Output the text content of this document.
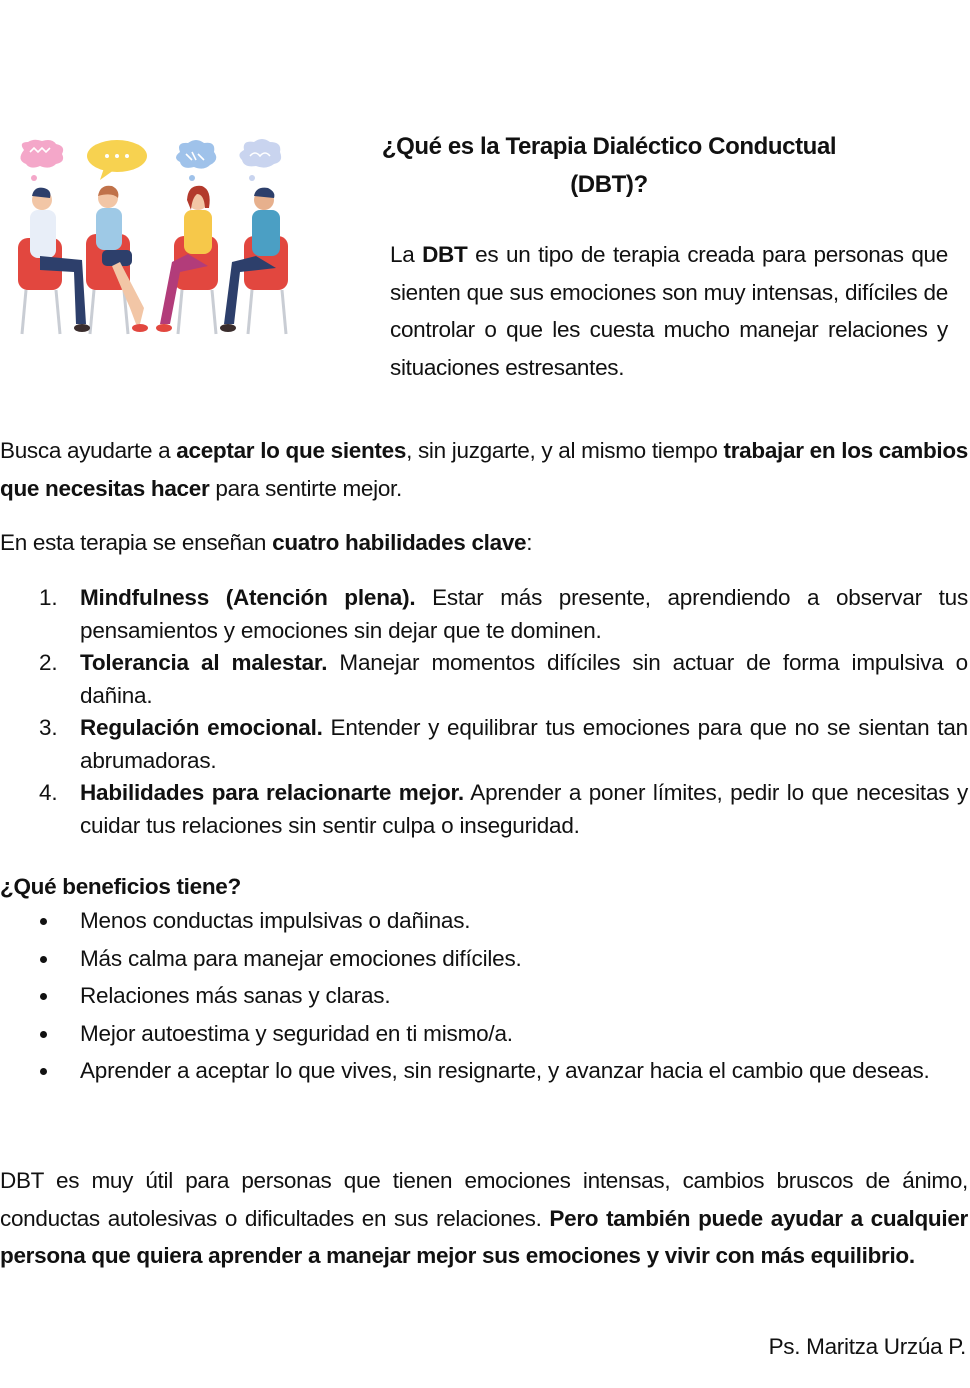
¿Qué es la Terapia Dialéctico Conductual
(DBT)?

La DBT es un tipo de terapia creada para personas que sienten que sus emociones son muy intensas, difíciles de controlar o que les cuesta mucho manejar relaciones y situaciones estresantes.

Busca ayudarte a aceptar lo que sientes, sin juzgarte, y al mismo tiempo trabajar en los cambios que necesitas hacer para sentirte mejor.

En esta terapia se enseñan cuatro habilidades clave:

1. Mindfulness (Atención plena). Estar más presente, aprendiendo a observar tus pensamientos y emociones sin dejar que te dominen.
2. Tolerancia al malestar. Manejar momentos difíciles sin actuar de forma impulsiva o dañina.
3. Regulación emocional. Entender y equilibrar tus emociones para que no se sientan tan abrumadoras.
4. Habilidades para relacionarte mejor. Aprender a poner límites, pedir lo que necesitas y cuidar tus relaciones sin sentir culpa o inseguridad.
¿Qué beneficios tiene?
Menos conductas impulsivas o dañinas.
Más calma para manejar emociones difíciles.
Relaciones más sanas y claras.
Mejor autoestima y seguridad en ti mismo/a.
Aprender a aceptar lo que vives, sin resignarte, y avanzar hacia el cambio que deseas.

DBT es muy útil para personas que tienen emociones intensas, cambios bruscos de ánimo, conductas autolesivas o dificultades en sus relaciones. Pero también puede ayudar a cualquier persona que quiera aprender a manejar mejor sus emociones y vivir con más equilibrio.

Ps. Maritza Urzúa P.
